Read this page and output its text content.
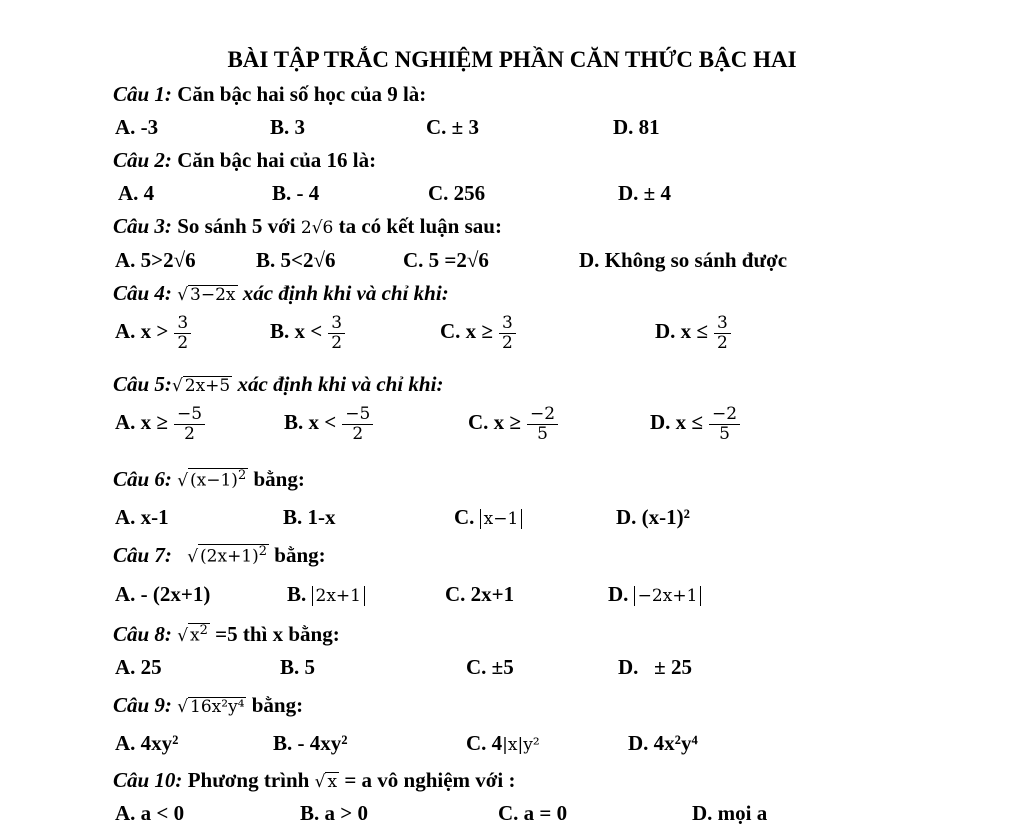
BÀI TẬP TRẮC NGHIỆM PHẦN CĂN THỨC BẬC HAI
Câu 1: Căn bậc hai số học của 9 là:
A. -3	B. 3	C. ± 3	D. 81
Câu 2: Căn bậc hai của 16 là:
A. 4	B. - 4	C. 256	D. ± 4
Câu 3: So sánh 5 với 2√6 ta có kết luận sau:
A. 5>2√6	B. 5<2√6	C. 5 =2√6	D. Không so sánh được
Câu 4: √ 3−2x xác định khi và chỉ khi:
A. $x > \frac{3}{2}$	B. $x < \frac{3}{2}$	C. $x \ge \frac{3}{2}$	D. $x \le \frac{3}{2}$
Câu 5:√ 2x+5 xác định khi và chỉ khi:
A. $x \ge \frac{-5}{2}$	B. $x < \frac{-5}{2}$	C. $x \ge \frac{-2}{5}$	D. $x \le \frac{-2}{5}$
Câu 6: √ $(x-1)^2$ bằng:
A. x-1	B. 1-x	C. x−1	D. (x-1)²
Câu 7: √ $(2x+1)^2$ bằng:
A. - (2x+1)	B. 2x+1	C. 2x+1	D. −2x+1
Câu 8: √ $x^2 =5$ thì x bằng:
A. 25	B. 5	C. ±5	D.   ± 25
Câu 9: √ 16x²y⁴ bằng:
A. 4xy²	B. - 4xy²	C. 4|x|y²	D. 4x²y⁴
Câu 10: Phương trình √ x = a vô nghiệm với :
A. a < 0	B. a > 0	C. a = 0	D. mọi a
